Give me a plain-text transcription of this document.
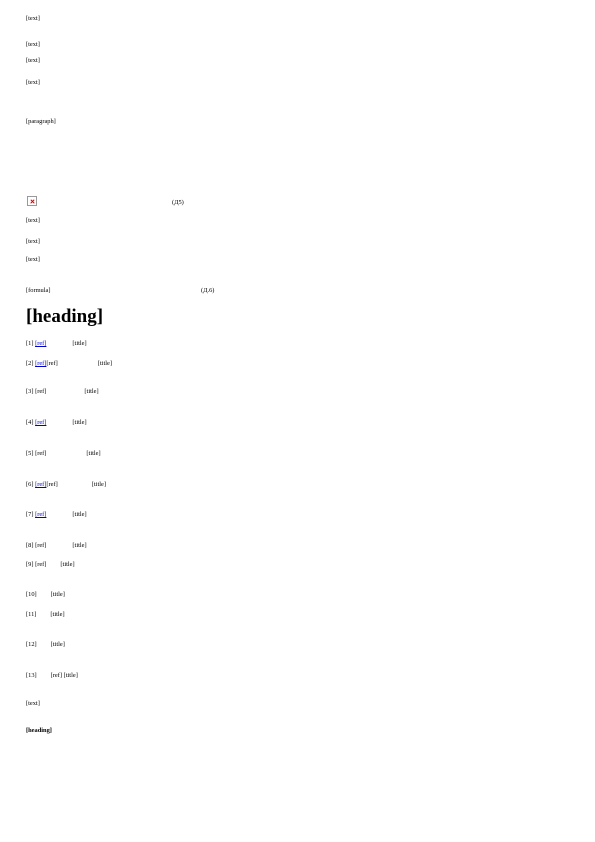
[text]
[text]
[text]
[text]
[paragraph]
(Д5)
[text]
[text]
[text]
[formula]	(Д.6)
[heading]
[1] [ref]	[title]
[2] [ref][ref]	[title]
[3] [ref]	[title]
[4] [ref]	[title]
[5] [ref]	[title]
[6] [ref][ref]	[title]
[7] [ref]	[title]
[8] [ref]	[title]
[9] [ref] [title]
[10] [title]
[11] [title]
[12] [title]
[13] [ref] [title]
[text]
[heading]
